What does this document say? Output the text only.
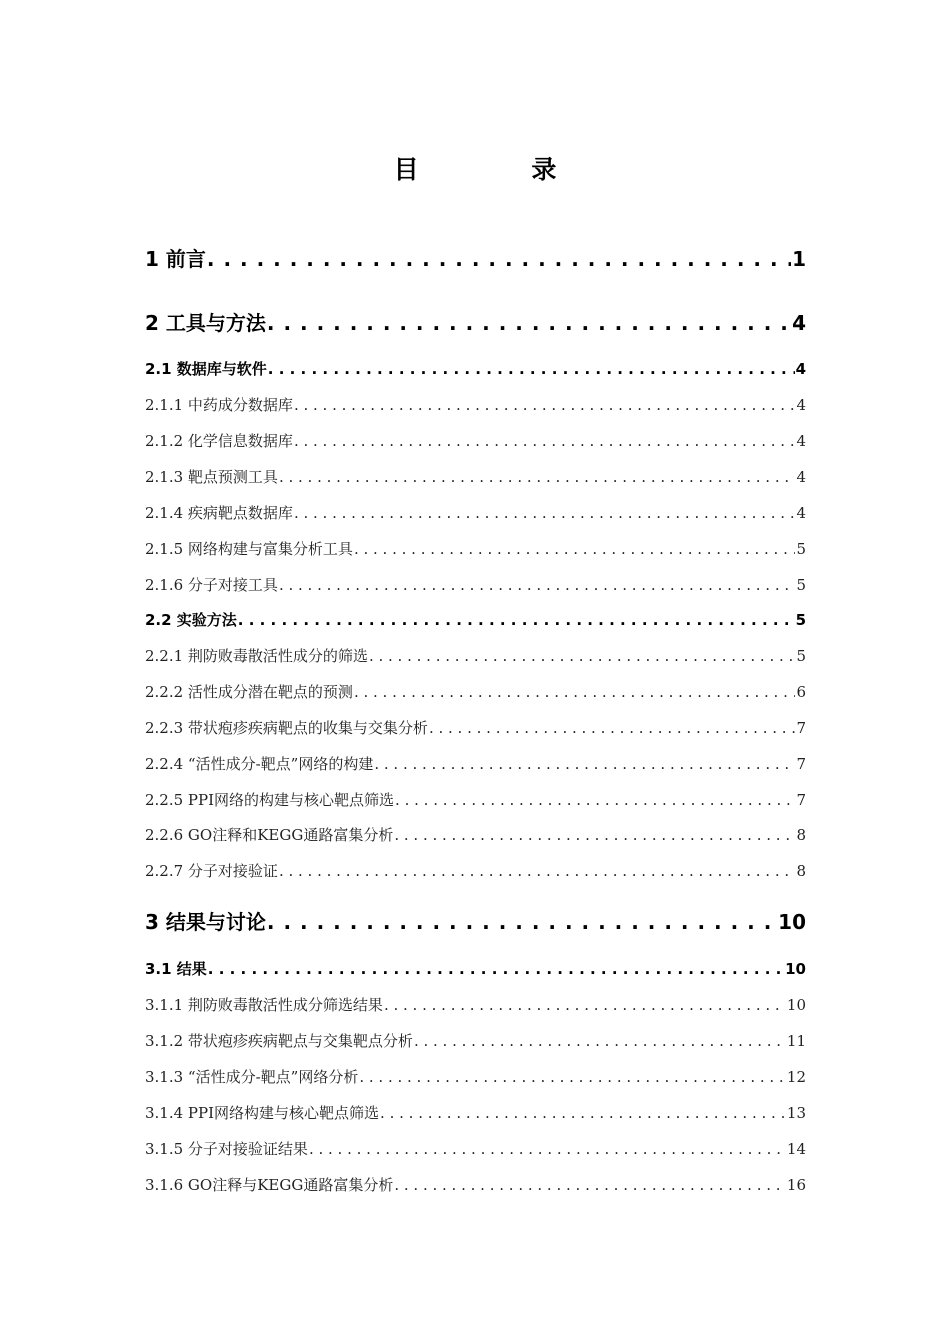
目 录
1 前言 . . .	1
2 工具与方法 . . .	4
2.1 数据库与软件 . . .	4
2.1.1 中药成分数据库 . . .	4
2.1.2 化学信息数据库 . . .	4
2.1.3 靶点预测工具 . . .	4
2.1.4 疾病靶点数据库 . . .	4
2.1.5 网络构建与富集分析工具 . . .	5
2.1.6 分子对接工具 . . .	5
2.2 实验方法 . . .	5
2.2.1 荆防败毒散活性成分的筛选 . . .	5
2.2.2 活性成分潜在靶点的预测 . . .	6
2.2.3 带状疱疹疾病靶点的收集与交集分析 . . .	7
2.2.4 “活性成分-靶点”网络的构建 . . .	7
2.2.5 PPI网络的构建与核心靶点筛选 . . .	7
2.2.6 GO注释和KEGG通路富集分析 . . .	8
2.2.7 分子对接验证 . . .	8
3 结果与讨论 . . .	10
3.1 结果 . . .	10
3.1.1 荆防败毒散活性成分筛选结果 . . .	10
3.1.2 带状疱疹疾病靶点与交集靶点分析 . . .	11
3.1.3 “活性成分-靶点”网络分析 . . .	12
3.1.4 PPI网络构建与核心靶点筛选 . . .	13
3.1.5 分子对接验证结果 . . .	14
3.1.6 GO注释与KEGG通路富集分析 . . .	16
